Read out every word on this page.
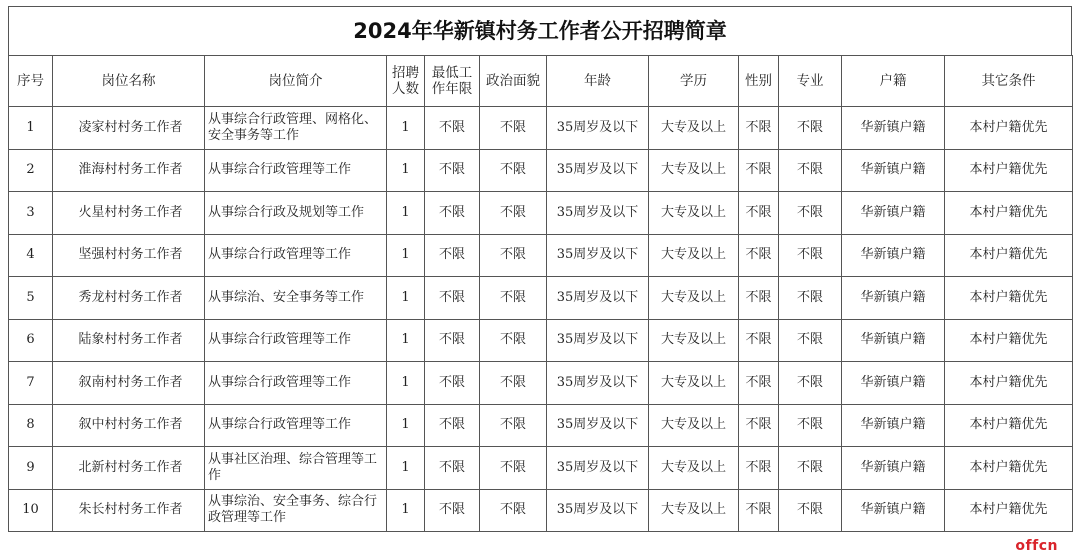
2024年华新镇村务工作者公开招聘简章
序号	岗位名称	岗位简介	招聘人数	最低工作年限	政治面貌	年龄	学历	性别	专业	户籍	其它条件
1	凌家村村务工作者	从事综合行政管理、网格化、安全事务等工作	1	不限	不限	35周岁及以下	大专及以上	不限	不限	华新镇户籍	本村户籍优先
2	淮海村村务工作者	从事综合行政管理等工作	1	不限	不限	35周岁及以下	大专及以上	不限	不限	华新镇户籍	本村户籍优先
3	火星村村务工作者	从事综合行政及规划等工作	1	不限	不限	35周岁及以下	大专及以上	不限	不限	华新镇户籍	本村户籍优先
4	坚强村村务工作者	从事综合行政管理等工作	1	不限	不限	35周岁及以下	大专及以上	不限	不限	华新镇户籍	本村户籍优先
5	秀龙村村务工作者	从事综治、安全事务等工作	1	不限	不限	35周岁及以下	大专及以上	不限	不限	华新镇户籍	本村户籍优先
6	陆象村村务工作者	从事综合行政管理等工作	1	不限	不限	35周岁及以下	大专及以上	不限	不限	华新镇户籍	本村户籍优先
7	叙南村村务工作者	从事综合行政管理等工作	1	不限	不限	35周岁及以下	大专及以上	不限	不限	华新镇户籍	本村户籍优先
8	叙中村村务工作者	从事综合行政管理等工作	1	不限	不限	35周岁及以下	大专及以上	不限	不限	华新镇户籍	本村户籍优先
9	北新村村务工作者	从事社区治理、综合管理等工作	1	不限	不限	35周岁及以下	大专及以上	不限	不限	华新镇户籍	本村户籍优先
10	朱长村村务工作者	从事综治、安全事务、综合行政管理等工作	1	不限	不限	35周岁及以下	大专及以上	不限	不限	华新镇户籍	本村户籍优先
offcn
